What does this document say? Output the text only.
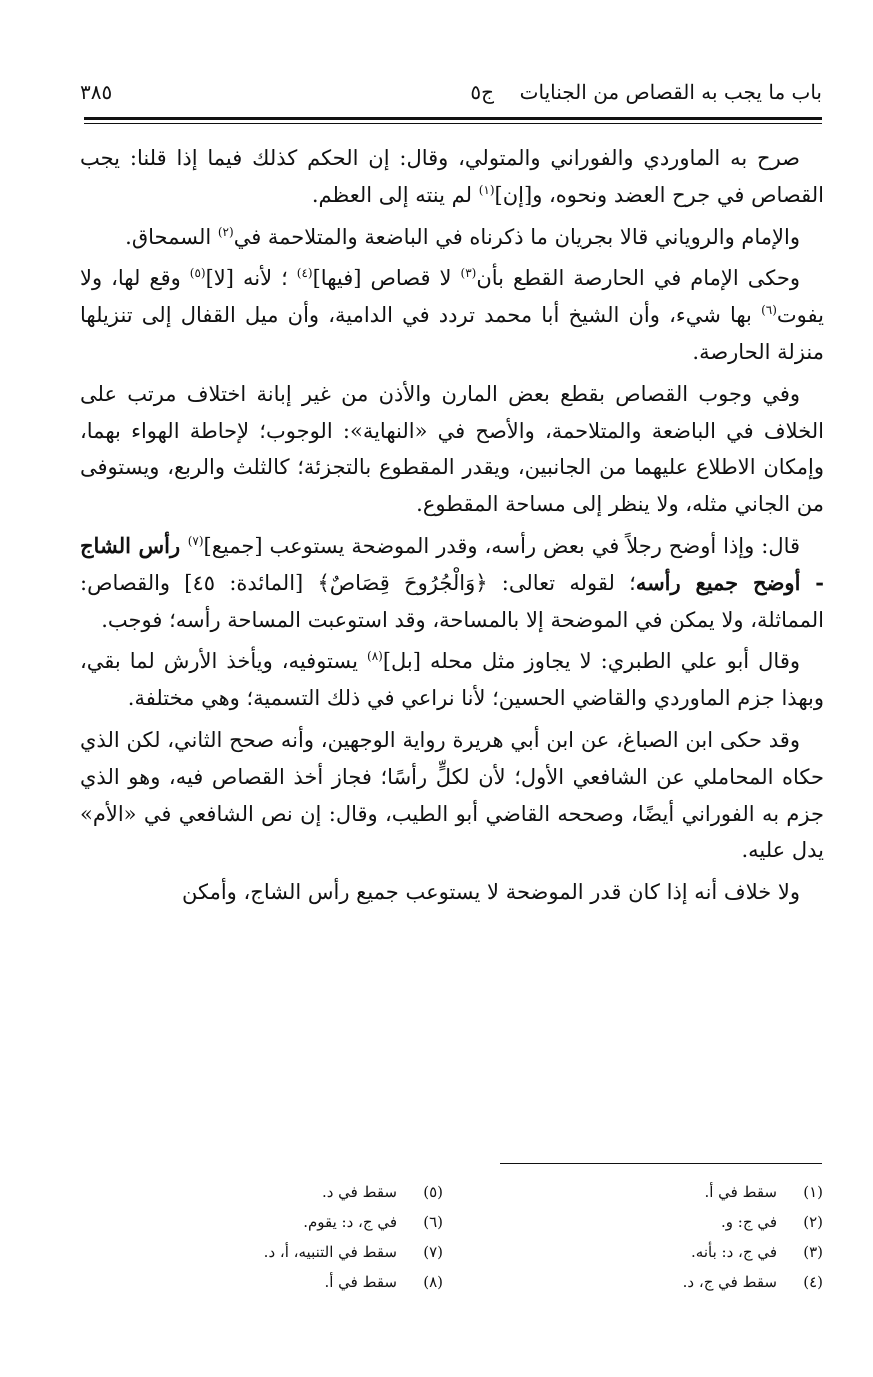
باب ما يجب به القصاص من الجنايات
ج٥
٣٨٥

صرح به الماوردي والفوراني والمتولي، وقال: إن الحكم كذلك فيما إذا قلنا: يجب القصاص في جرح العضد ونحوه، و[إن]$^{(١)}$ لم ينته إلى العظم.

والإمام والروياني قالا بجريان ما ذكرناه في الباضعة والمتلاحمة في$^{(٢)}$ السمحاق.

وحكى الإمام في الحارصة القطع بأن$^{(٣)}$ لا قصاص [فيها]$^{(٤)}$ ؛ لأنه [لا]$^{(٥)}$ وقع لها، ولا يفوت$^{(٦)}$ بها شيء، وأن الشيخ أبا محمد تردد في الدامية، وأن ميل القفال إلى تنزيلها منزلة الحارصة.

وفي وجوب القصاص بقطع بعض المارن والأذن من غير إبانة اختلاف مرتب على الخلاف في الباضعة والمتلاحمة، والأصح في «النهاية»: الوجوب؛ لإحاطة الهواء بهما، وإمكان الاطلاع عليهما من الجانبين، ويقدر المقطوع بالتجزئة؛ كالثلث والربع، ويستوفى من الجاني مثله، ولا ينظر إلى مساحة المقطوع.

قال: وإذا أوضح رجلاً في بعض رأسه، وقدر الموضحة يستوعب [جميع]$^{(٧)}$ رأس الشاج - أوضح جميع رأسه؛ لقوله تعالى: ﴿وَالْجُرُوحَ قِصَاصٌ﴾ [المائدة: ٤٥] والقصاص: المماثلة، ولا يمكن في الموضحة إلا بالمساحة، وقد استوعبت المساحة رأسه؛ فوجب.

وقال أبو علي الطبري: لا يجاوز مثل محله [بل]$^{(٨)}$ يستوفيه، ويأخذ الأرش لما بقي، وبهذا جزم الماوردي والقاضي الحسين؛ لأنا نراعي في ذلك التسمية؛ وهي مختلفة.

وقد حكى ابن الصباغ، عن ابن أبي هريرة رواية الوجهين، وأنه صحح الثاني، لكن الذي حكاه المحاملي عن الشافعي الأول؛ لأن لكلٍّ رأسًا؛ فجاز أخذ القصاص فيه، وهو الذي جزم به الفوراني أيضًا، وصححه القاضي أبو الطيب، وقال: إن نص الشافعي في «الأم» يدل عليه.

ولا خلاف أنه إذا كان قدر الموضحة لا يستوعب جميع رأس الشاج، وأمكن

(١)سقط في أ.
(٢)في ج: و.
(٣)في ج، د: بأنه.
(٤)سقط في ج، د.
(٥)سقط في د.
(٦)في ج، د: يقوم.
(٧)سقط في التنبيه، أ، د.
(٨)سقط في أ.
